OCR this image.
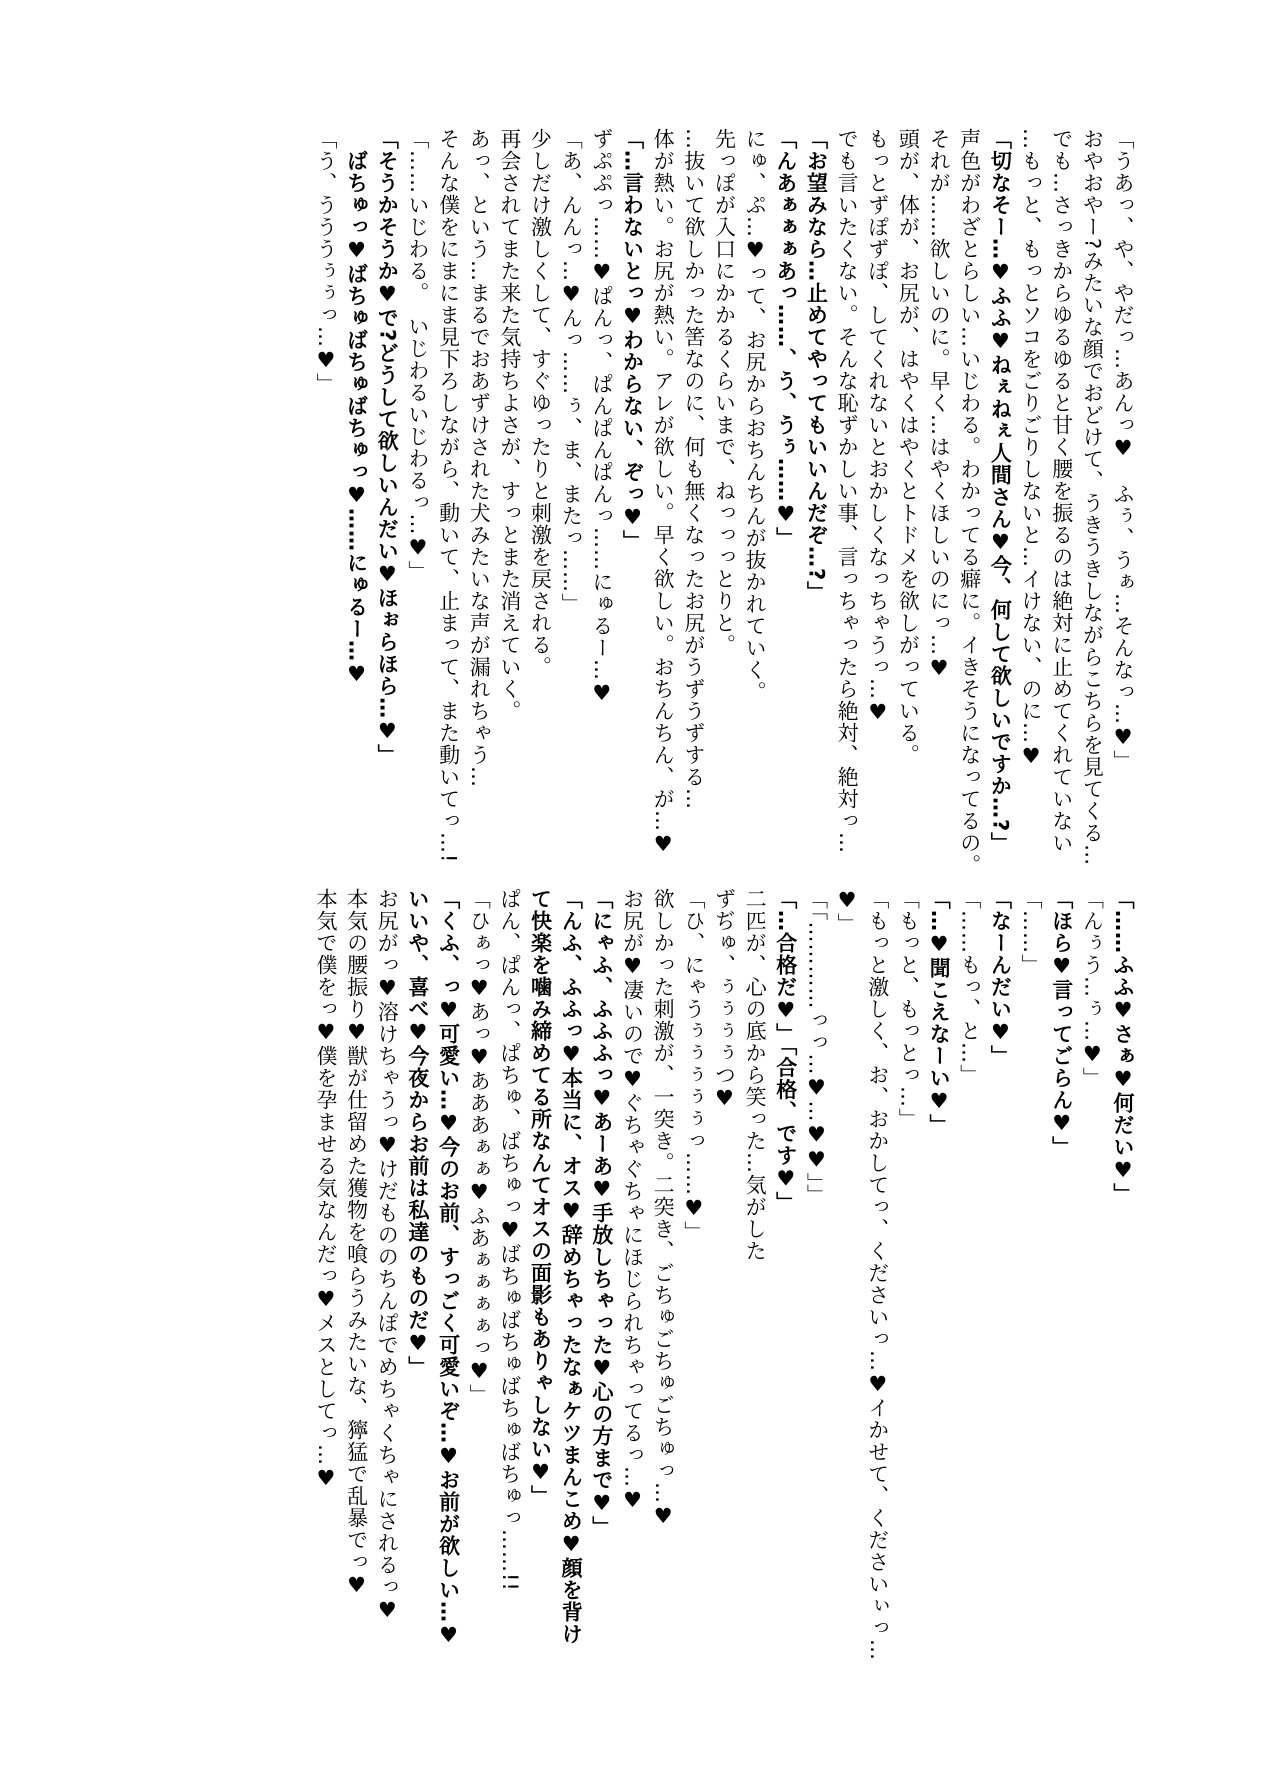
「うあっ、や、やだっ…あんっ♥　ふぅ、うぁ…そんなっ…♥」

おやおやー?みたいな顔でおどけて、うきうきしながらこちらを見てくる…

でも…さっきからゆるゆると甘く腰を振るのは絶対に止めてくれていない

…もっと、もっとソコをごりごりしないと…イけない、のに…♥

「切なそー…♥ふふ♥ねぇねぇ人間さん♥今、何して欲しいですか…?」

声色がわざとらしい…いじわる。わかってる癖に。イきそうになってるの。

それが……欲しいのに。早く…はやくほしいのにっ…♥

頭が、体が、お尻が、はやくはやくとトドメを欲しがっている。

もっとずぽずぽ、してくれないとおかしくなっちゃうっ…♥

でも言いたくない。そんな恥ずかしい事、言っちゃったら絶対、絶対っ…

「お望みなら…止めてやってもいいんだぞ…?」

「んあぁぁぁあっ……、う、うぅ……♥」

にゅ、ぷ…♥って、お尻からおちんちんが抜かれていく。

先っぽが入口にかかるくらいまで、ねっっっとりと。

…抜いて欲しかった筈なのに、何も無くなったお尻がうずうずする…

体が熱い。お尻が熱い。アレが欲しい。早く欲しい。おちんちん、が…♥

「…言わないとっ♥わからない、ぞっ♥」

ずぷぷっ……♥ぱんっ、ぱんぱんぱんっ……にゅるー…♥

「あ、んんっ…♥んっ……ぅ、ま、またっ……」

少しだけ激しくして、すぐゆったりと刺激を戻される。

再会されてまた来た気持ちよさが、すっとまた消えていく。

あっ、という…まるでおあずけされた犬みたいな声が漏れちゃう…

そんな僕をにまにま見下ろしながら、動いて、止まって、また動いてっ…!

「……いじわる。　いじわるいじわるっ…♥」

「そうかそうか♥で?どうして欲しいんだい♥ほぉらほら…♥」

ばちゅっ♥ばちゅばちゅばちゅっ♥……にゅるー…♥

「う、うううぅぅっ…♥」

「……ふふ♥さぁ♥何だい♥」

「んぅう…ぅ…♥」

「ほら♥言ってごらん♥」

「……」

「なーんだい♥」

「……もっ、と…」

「…♥聞こえなーい♥」

「もっと、もっとっ…」

「もっと激しく、お、おかしてっ、くださいっ…♥イかせて、くださいぃっ…♥」

「「…………っっ…♥…♥♥」」

「…合格だ♥」「合格、です♥」

二匹が、心の底から笑った…気がした

ずぢゅ、ぅぅぅぅつ♥

「ひ、にゃうぅぅぅぅぅっ……♥」

欲しかった刺激が、一突き。二突き、ごちゅごちゅごちゅっ…♥

お尻が♥凄いので♥ぐちゃぐちゃにほじられちゃってるっ…♥

「にゃふ、ふふふっ♥あーあ♥手放しちゃった♥心の方まで♥」

「んふ、ふふっ♥本当に、オス♥辞めちゃったなぁケツまんこめ♥顔を背けて快楽を噛み締めてる所なんてオスの面影もありゃしない♥」

ぱん、ぱんっ、ぱちゅ、ばちゅっ♥ばちゅばちゅばちゅばちゅっ……!!

「ひぁっ♥あっ♥あああぁぁ♥ふあぁぁぁぁっ♥」

「くふ、っ♥可愛い…♥今のお前、すっごく可愛いぞ…♥お前が欲しい…♥いいや、喜べ♥今夜からお前は私達のものだ♥」

お尻がっ♥溶けちゃうっ♥けだもののちんぽでめちゃくちゃにされるっ♥

本気の腰振り♥獣が仕留めた獲物を喰らうみたいな、獰猛で乱暴でっ♥

本気で僕をっ♥僕を孕ませる気なんだっ♥メスとしてっ…♥
